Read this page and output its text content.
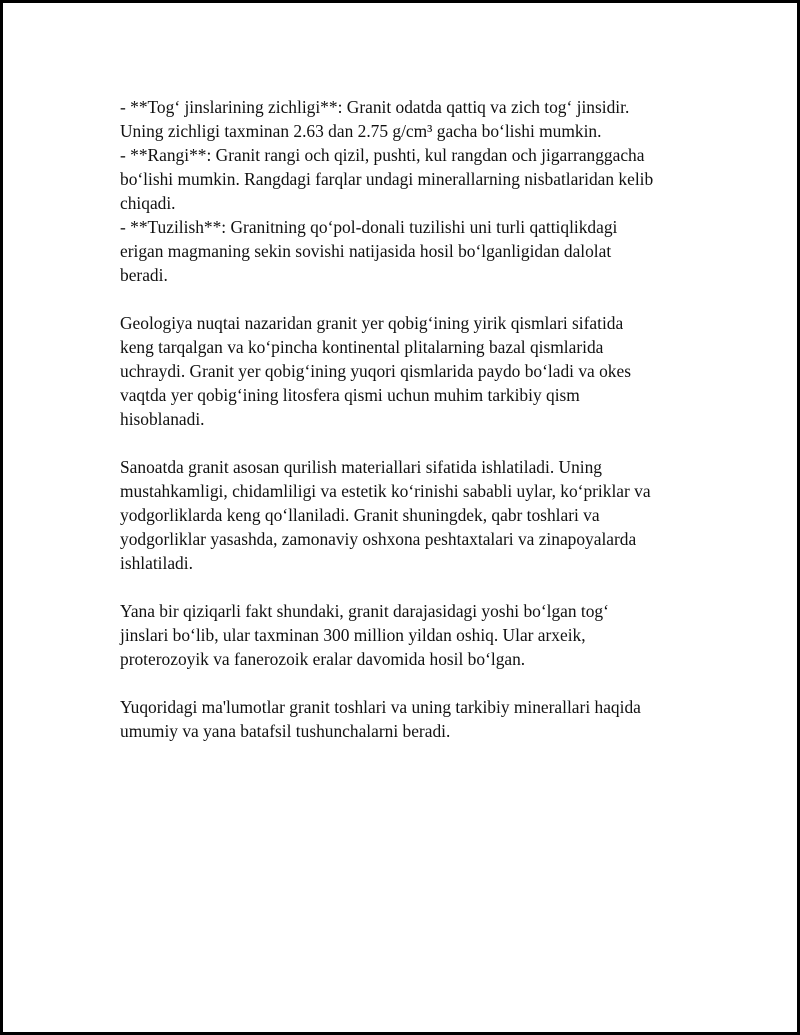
- **Tog‘ jinslarining zichligi**: Granit odatda qattiq va zich tog‘ jinsidir.
Uning zichligi taxminan 2.63 dan 2.75 g/cm³ gacha bo‘lishi mumkin.
- **Rangi**: Granit rangi och qizil, pushti, kul rangdan och jigarranggacha
bo‘lishi mumkin. Rangdagi farqlar undagi minerallarning nisbatlaridan kelib
chiqadi.
- **Tuzilish**: Granitning qo‘pol-donali tuzilishi uni turli qattiqlikdagi
erigan magmaning sekin sovishi natijasida hosil bo‘lganligidan dalolat
beradi.

Geologiya nuqtai nazaridan granit yer qobig‘ining yirik qismlari sifatida
keng tarqalgan va ko‘pincha kontinental plitalarning bazal qismlarida
uchraydi. Granit yer qobig‘ining yuqori qismlarida paydo bo‘ladi va okes
vaqtda yer qobig‘ining litosfera qismi uchun muhim tarkibiy qism
hisoblanadi.

Sanoatda granit asosan qurilish materiallari sifatida ishlatiladi. Uning
mustahkamligi, chidamliligi va estetik ko‘rinishi sababli uylar, ko‘priklar va
yodgorliklarda keng qo‘llaniladi. Granit shuningdek, qabr toshlari va
yodgorliklar yasashda, zamonaviy oshxona peshtaxtalari va zinapoyalarda
ishlatiladi.

Yana bir qiziqarli fakt shundaki, granit darajasidagi yoshi bo‘lgan tog‘
jinslari bo‘lib, ular taxminan 300 million yildan oshiq. Ular arxeik,
proterozoyik va fanerozoik eralar davomida hosil bo‘lgan.

Yuqoridagi ma'lumotlar granit toshlari va uning tarkibiy minerallari haqida
umumiy va yana batafsil tushunchalarni beradi.
